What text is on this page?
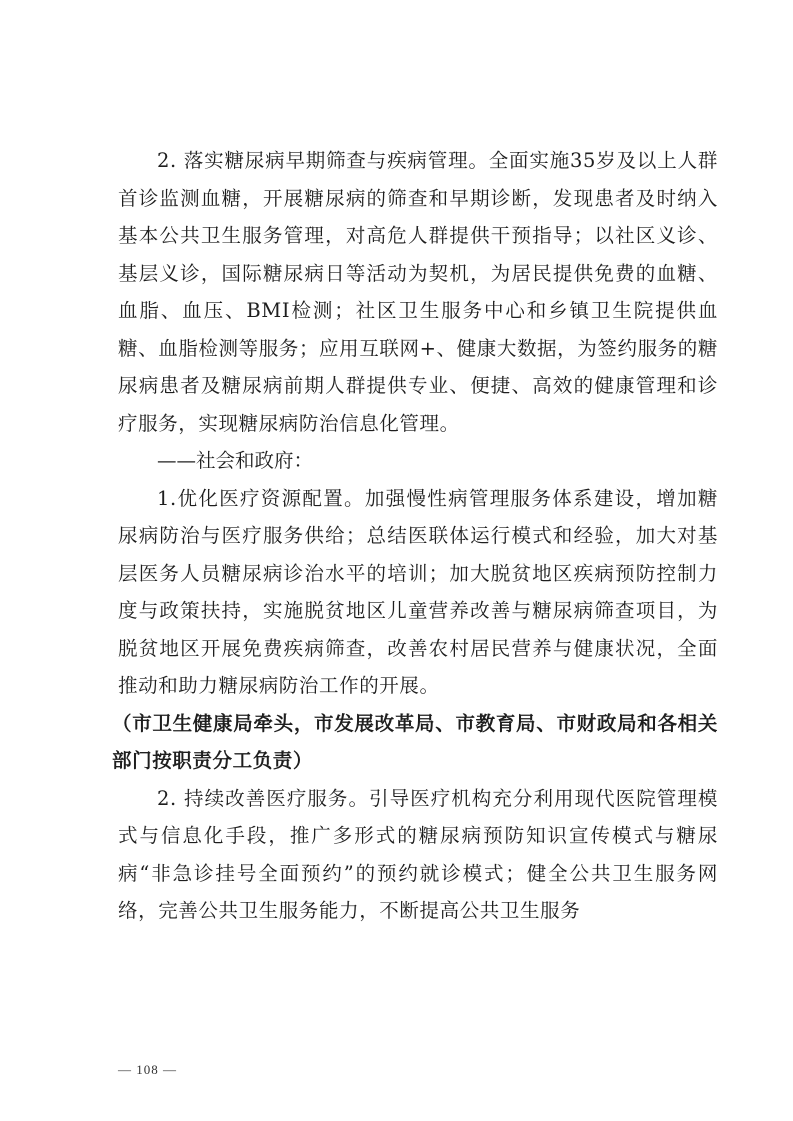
2. 落实糖尿病早期筛查与疾病管理。全面实施35岁及以上人群首诊监测血糖，开展糖尿病的筛查和早期诊断，发现患者及时纳入基本公共卫生服务管理，对高危人群提供干预指导；以社区义诊、基层义诊，国际糖尿病日等活动为契机，为居民提供免费的血糖、血脂、血压、BMI检测；社区卫生服务中心和乡镇卫生院提供血糖、血脂检测等服务；应用互联网+、健康大数据，为签约服务的糖尿病患者及糖尿病前期人群提供专业、便捷、高效的健康管理和诊疗服务，实现糖尿病防治信息化管理。

——社会和政府：

1.优化医疗资源配置。加强慢性病管理服务体系建设，增加糖尿病防治与医疗服务供给；总结医联体运行模式和经验，加大对基层医务人员糖尿病诊治水平的培训；加大脱贫地区疾病预防控制力度与政策扶持，实施脱贫地区儿童营养改善与糖尿病筛查项目，为脱贫地区开展免费疾病筛查，改善农村居民营养与健康状况，全面推动和助力糖尿病防治工作的开展。

（市卫生健康局牵头，市发展改革局、市教育局、市财政局和各相关部门按职责分工负责）

2. 持续改善医疗服务。引导医疗机构充分利用现代医院管理模式与信息化手段，推广多形式的糖尿病预防知识宣传模式与糖尿病“非急诊挂号全面预约”的预约就诊模式；健全公共卫生服务网络，完善公共卫生服务能力，不断提高公共卫生服务

— 108 —
